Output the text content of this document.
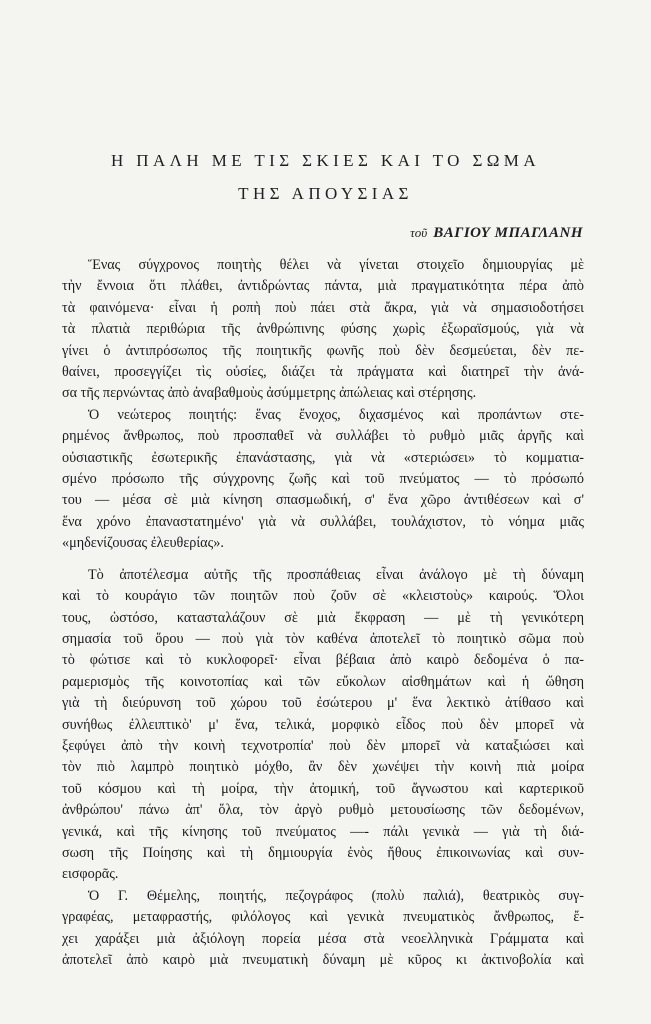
Η ΠΑΛΗ ΜΕ ΤΙΣ ΣΚΙΕΣ ΚΑΙ ΤΟ ΣΩΜΑ
ΤΗΣ ΑΠΟΥΣΙΑΣ
τοῦ ΒΑΓΙΟΥ ΜΠΑΓΛΑΝΗ

Ἕνας σύγχρονος ποιητὴς θέλει νὰ γίνεται στοιχεῖο δημιουργίας μὲ
τὴν ἔννοια ὅτι πλάθει, ἀντιδρώντας πάντα, μιὰ πραγματικότητα πέρα ἀπὸ
τὰ φαινόμενα· εἶναι ἡ ροπὴ ποὺ πάει στὰ ἄκρα, γιὰ νὰ σημασιοδοτήσει
τὰ πλατιὰ περιθώρια τῆς ἀνθρώπινης φύσης χωρὶς ἐξωραϊσμούς, γιὰ νὰ
γίνει ὁ ἀντιπρόσωπος τῆς ποιητικῆς φωνῆς ποὺ δὲν δεσμεύεται, δὲν πε-
θαίνει, προσεγγίζει τὶς οὐσίες, διάζει τὰ πράγματα καὶ διατηρεῖ τὴν ἀνά-
σα τῆς περνώντας ἀπὸ ἀναβαθμοὺς ἀσύμμετρης ἀπώλειας καὶ στέρησης.

Ὁ νεώτερος ποιητής: ἕνας ἔνοχος, διχασμένος καὶ προπάντων στε-
ρημένος ἄνθρωπος, ποὺ προσπαθεῖ νὰ συλλάβει τὸ ρυθμὸ μιᾶς ἀργῆς καὶ
οὐσιαστικῆς ἐσωτερικῆς ἐπανάστασης, γιὰ νὰ «στεριώσει» τὸ κομματια-
σμένο πρόσωπο τῆς σύγχρονης ζωῆς καὶ τοῦ πνεύματος — τὸ πρόσωπό
του — μέσα σὲ μιὰ κίνηση σπασμωδική, σ' ἕνα χῶρο ἀντιθέσεων καὶ σ'
ἕνα χρόνο ἐπαναστατημένο' γιὰ νὰ συλλάβει, τουλάχιστον, τὸ νόημα μιᾶς
«μηδενίζουσας ἐλευθερίας».

Τὸ ἀποτέλεσμα αὐτῆς τῆς προσπάθειας εἶναι ἀνάλογο μὲ τὴ δύναμη
καὶ τὸ κουράγιο τῶν ποιητῶν ποὺ ζοῦν σὲ «κλειστοὺς» καιρούς. Ὅλοι
τους, ὡστόσο, κατασταλάζουν σὲ μιὰ ἔκφραση — μὲ τὴ γενικότερη
σημασία τοῦ ὅρου — ποὺ γιὰ τὸν καθένα ἀποτελεῖ τὸ ποιητικὸ σῶμα ποὺ
τὸ φώτισε καὶ τὸ κυκλοφορεῖ· εἶναι βέβαια ἀπὸ καιρὸ δεδομένα ὁ πα-
ραμερισμὸς τῆς κοινοτοπίας καὶ τῶν εὔκολων αἰσθημάτων καὶ ἡ ὤθηση
γιὰ τὴ διεύρυνση τοῦ χώρου τοῦ ἐσώτερου μ' ἕνα λεκτικὸ ἀτίθασο καὶ
συνήθως ἐλλειπτικὸ' μ' ἕνα, τελικά, μορφικὸ εἶδος ποὺ δὲν μπορεῖ νὰ
ξεφύγει ἀπὸ τὴν κοινὴ τεχνοτροπία' ποὺ δὲν μπορεῖ νὰ καταξιώσει καὶ
τὸν πιὸ λαμπρὸ ποιητικὸ μόχθο, ἂν δὲν χωνέψει τὴν κοινὴ πιὰ μοίρα
τοῦ κόσμου καὶ τὴ μοίρα, τὴν ἀτομική, τοῦ ἄγνωστου καὶ καρτερικοῦ
ἀνθρώπου' πάνω ἀπ' ὅλα, τὸν ἀργὸ ρυθμὸ μετουσίωσης τῶν δεδομένων,
γενικά, καὶ τῆς κίνησης τοῦ πνεύματος —- πάλι γενικὰ — γιὰ τὴ διά-
σωση τῆς Ποίησης καὶ τὴ δημιουργία ἑνὸς ἤθους ἐπικοινωνίας καὶ συν-
εισφορᾶς.

Ὁ Γ. Θέμελης, ποιητής, πεζογράφος (πολὺ παλιά), θεατρικὸς συγ-
γραφέας, μεταφραστής, φιλόλογος καὶ γενικὰ πνευματικὸς ἄνθρωπος, ἔ-
χει χαράξει μιὰ ἀξιόλογη πορεία μέσα στὰ νεοελληνικὰ Γράμματα καὶ
ἀποτελεῖ ἀπὸ καιρὸ μιὰ πνευματικὴ δύναμη μὲ κῦρος κι ἀκτινοβολία καὶ
